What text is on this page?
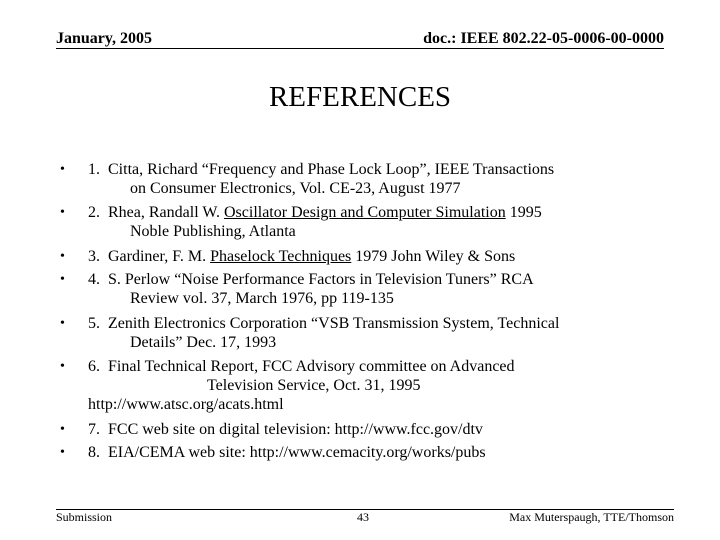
January, 2005	doc.: IEEE 802.22-05-0006-00-0000
REFERENCES
• 1. Citta, Richard “Frequency and Phase Lock Loop”, IEEE Transactions
on Consumer Electronics, Vol. CE-23, August 1977
• 2. Rhea, Randall W. Oscillator Design and Computer Simulation 1995
Noble Publishing, Atlanta
• 3. Gardiner, F. M. Phaselock Techniques 1979 John Wiley & Sons
• 4. S. Perlow “Noise Performance Factors in Television Tuners” RCA
Review vol. 37, March 1976, pp 119-135
• 5. Zenith Electronics Corporation “VSB Transmission System, Technical
Details” Dec. 17, 1993
• 6. Final Technical Report, FCC Advisory committee on Advanced
Television Service, Oct. 31, 1995
http://www.atsc.org/acats.html
• 7. FCC web site on digital television: http://www.fcc.gov/dtv
• 8. EIA/CEMA web site: http://www.cemacity.org/works/pubs
Submission	43	Max Muterspaugh, TTE/Thomson
